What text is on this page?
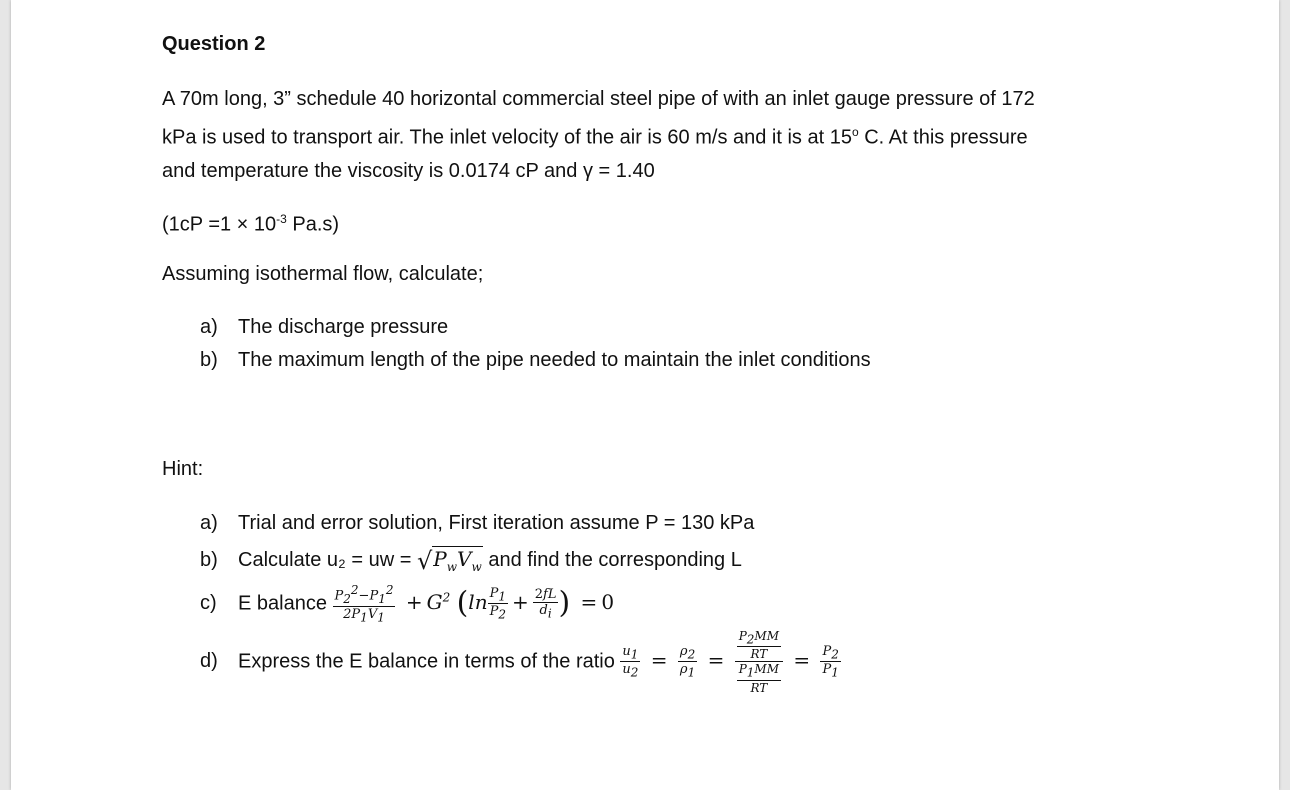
Question 2
A 70m long, 3” schedule 40 horizontal commercial steel pipe of with an inlet gauge pressure of 172
kPa is used to transport air. The inlet velocity of the air is 60 m/s and it is at 15$^o$ C. At this pressure
and temperature the viscosity is 0.0174 cP and γ = 1.40
($1cP =1 \times 10^{-3}$ Pa.s)
Assuming isothermal flow, calculate;
a) The discharge pressure
b) The maximum length of the pipe needed to maintain the inlet conditions
Hint:
a) Trial and error solution, First iteration assume P = 130 kPa
b) Calculate u₂ = uw = $√P_wV_w$ and find the corresponding L
c) E balance $\frac{P_2^2-P_1^2}{2P_1V_1} + G^2$ ($\ln \frac{P_1}{P_2} + \frac{2fL}{d_i}$ ) = 0
d) Express the E balance in terms of the ratio $\frac{u_1}{u_2} = \frac{\rho_2}{\rho_1} = \frac{\frac{P_2MM}{RT}}{\frac{P_1MM}{RT}} = \frac{P_2}{P_1}$
